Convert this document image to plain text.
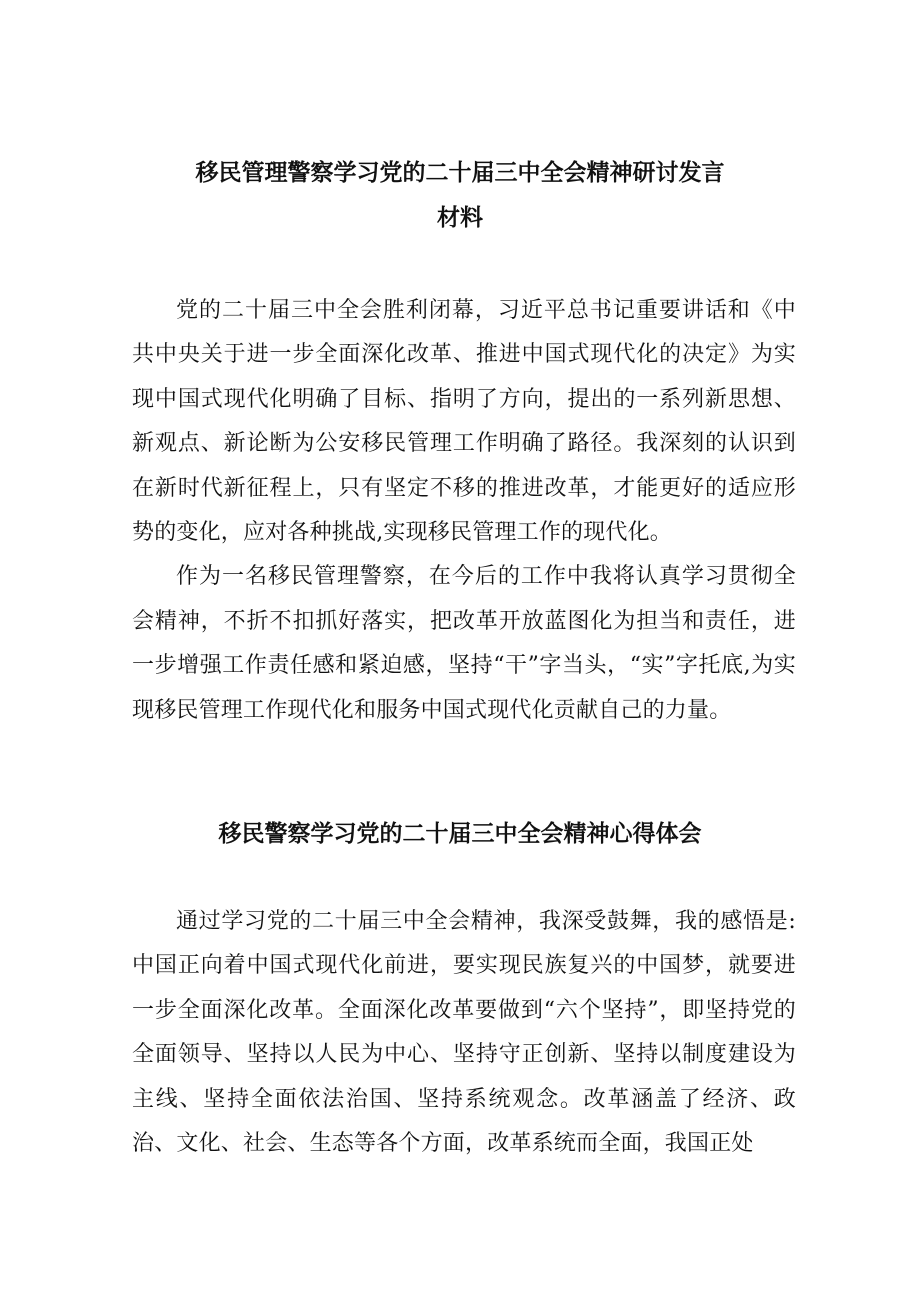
移民管理警察学习党的二十届三中全会精神研讨发言
材料

党的二十届三中全会胜利闭幕，习近平总书记重要讲话和《中共中央关于进一步全面深化改革、推进中国式现代化的决定》为实现中国式现代化明确了目标、指明了方向，提出的一系列新思想、新观点、新论断为公安移民管理工作明确了路径。我深刻的认识到在新时代新征程上，只有坚定不移的推进改革，才能更好的适应形势的变化，应对各种挑战,实现移民管理工作的现代化。

作为一名移民管理警察，在今后的工作中我将认真学习贯彻全会精神，不折不扣抓好落实，把改革开放蓝图化为担当和责任，进一步增强工作责任感和紧迫感，坚持“干”字当头，“实”字托底,为实现移民管理工作现代化和服务中国式现代化贡献自己的力量。

移民警察学习党的二十届三中全会精神心得体会

通过学习党的二十届三中全会精神，我深受鼓舞，我的感悟是: 中国正向着中国式现代化前进，要实现民族复兴的中国梦，就要进一步全面深化改革。全面深化改革要做到“六个坚持”，即坚持党的全面领导、坚持以人民为中心、坚持守正创新、坚持以制度建设为主线、坚持全面依法治国、坚持系统观念。改革涵盖了经济、政治、文化、社会、生态等各个方面，改革系统而全面，我国正处
